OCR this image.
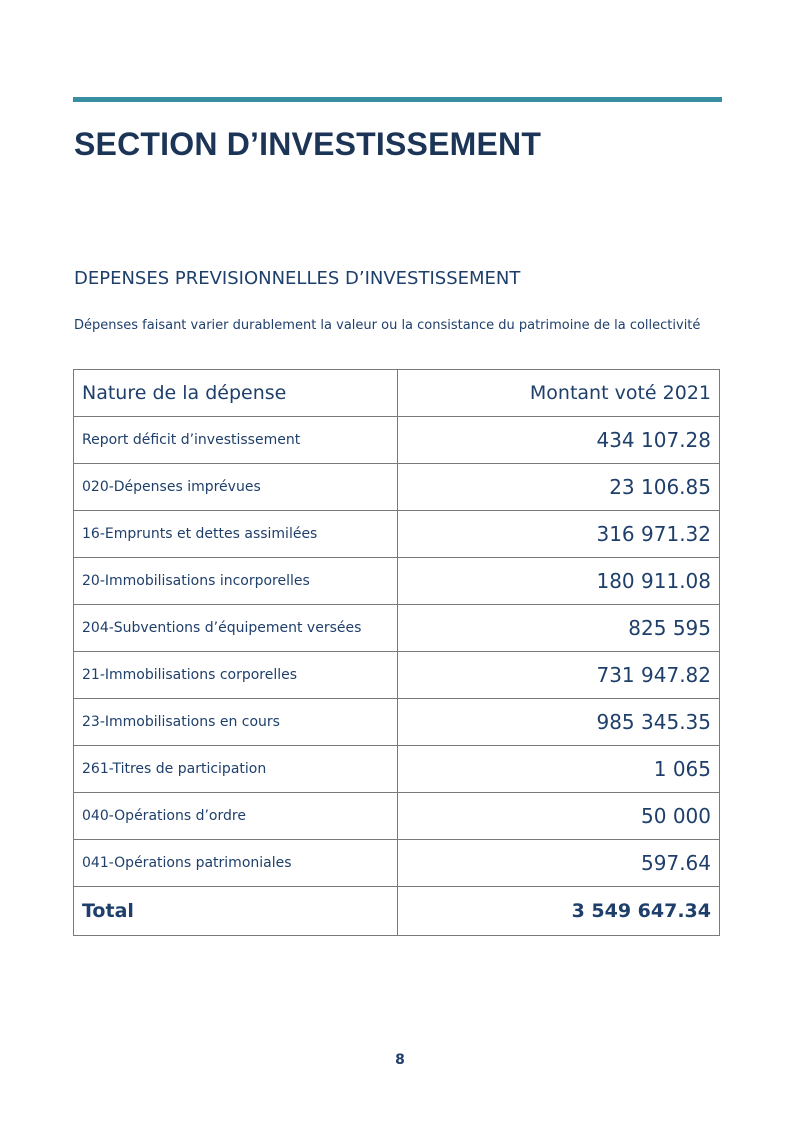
SECTION D’INVESTISSEMENT
DEPENSES PREVISIONNELLES D’INVESTISSEMENT

Dépenses faisant varier durablement la valeur ou la consistance du patrimoine de la collectivité

Nature de la dépense	Montant voté 2021
Report déficit d’investissement	434 107.28
020-Dépenses imprévues	23 106.85
16-Emprunts et dettes assimilées	316 971.32
20-Immobilisations incorporelles	180 911.08
204-Subventions d’équipement versées	825 595
21-Immobilisations corporelles	731 947.82
23-Immobilisations en cours	985 345.35
261-Titres de participation	1 065
040-Opérations d’ordre	50 000
041-Opérations patrimoniales	597.64
Total	3 549 647.34
8
